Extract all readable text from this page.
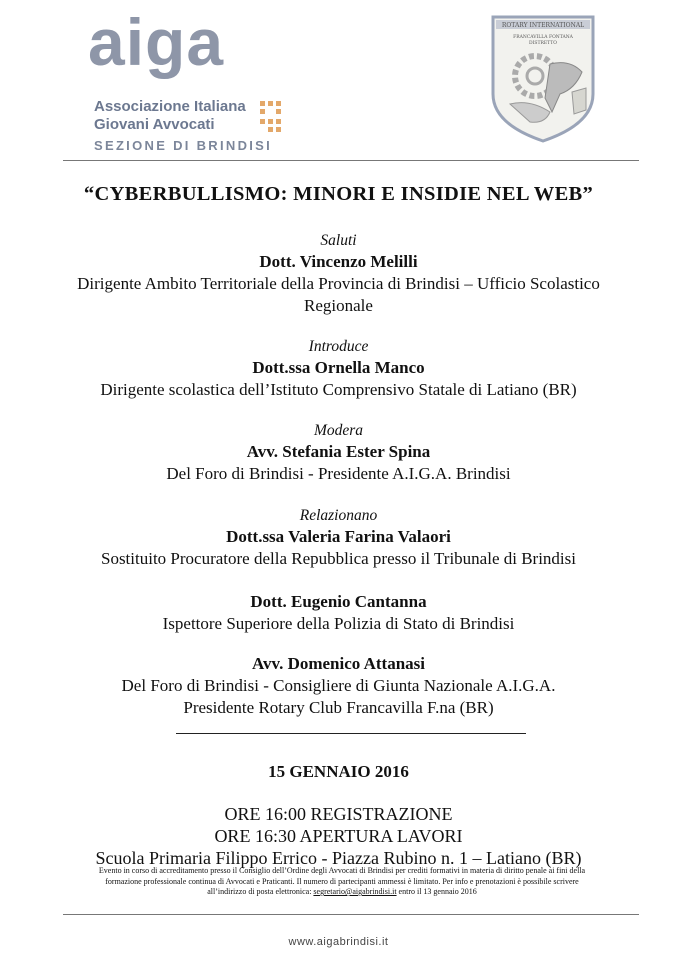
aiga
Associazione Italiana
Giovani Avvocati
SEZIONE DI BRINDISI
ROTARY INTERNATIONAL
FRANCAVILLA FONTANA
DISTRETTO
“CYBERBULLISMO: MINORI E INSIDIE NEL WEB”
Saluti
Dott. Vincenzo Melilli
Dirigente Ambito Territoriale della Provincia di Brindisi – Ufficio Scolastico
Regionale
Introduce
Dott.ssa Ornella Manco
Dirigente scolastica dell’Istituto Comprensivo Statale di Latiano (BR)
Modera
Avv. Stefania Ester Spina
Del Foro di Brindisi - Presidente A.I.G.A. Brindisi
Relazionano
Dott.ssa Valeria Farina Valaori
Sostituito Procuratore della Repubblica presso il Tribunale di Brindisi
Dott. Eugenio Cantanna
Ispettore Superiore della Polizia di Stato di Brindisi
Avv. Domenico Attanasi
Del Foro di Brindisi - Consigliere di Giunta Nazionale A.I.G.A.
Presidente Rotary Club Francavilla F.na (BR)
15 GENNAIO 2016
ORE 16:00 REGISTRAZIONE
ORE 16:30 APERTURA LAVORI
Scuola Primaria Filippo Errico - Piazza Rubino n. 1 – Latiano (BR)
Evento in corso di accreditamento presso il Consiglio dell’Ordine degli Avvocati di Brindisi per crediti formativi in materia di diritto penale ai fini della
formazione professionale continua di Avvocati e Praticanti. Il numero di partecipanti ammessi è limitato. Per info e prenotazioni è possibile scrivere
all’indirizzo di posta elettronica: segretario@aigabrindisi.it entro il 13 gennaio 2016
www.aigabrindisi.it
